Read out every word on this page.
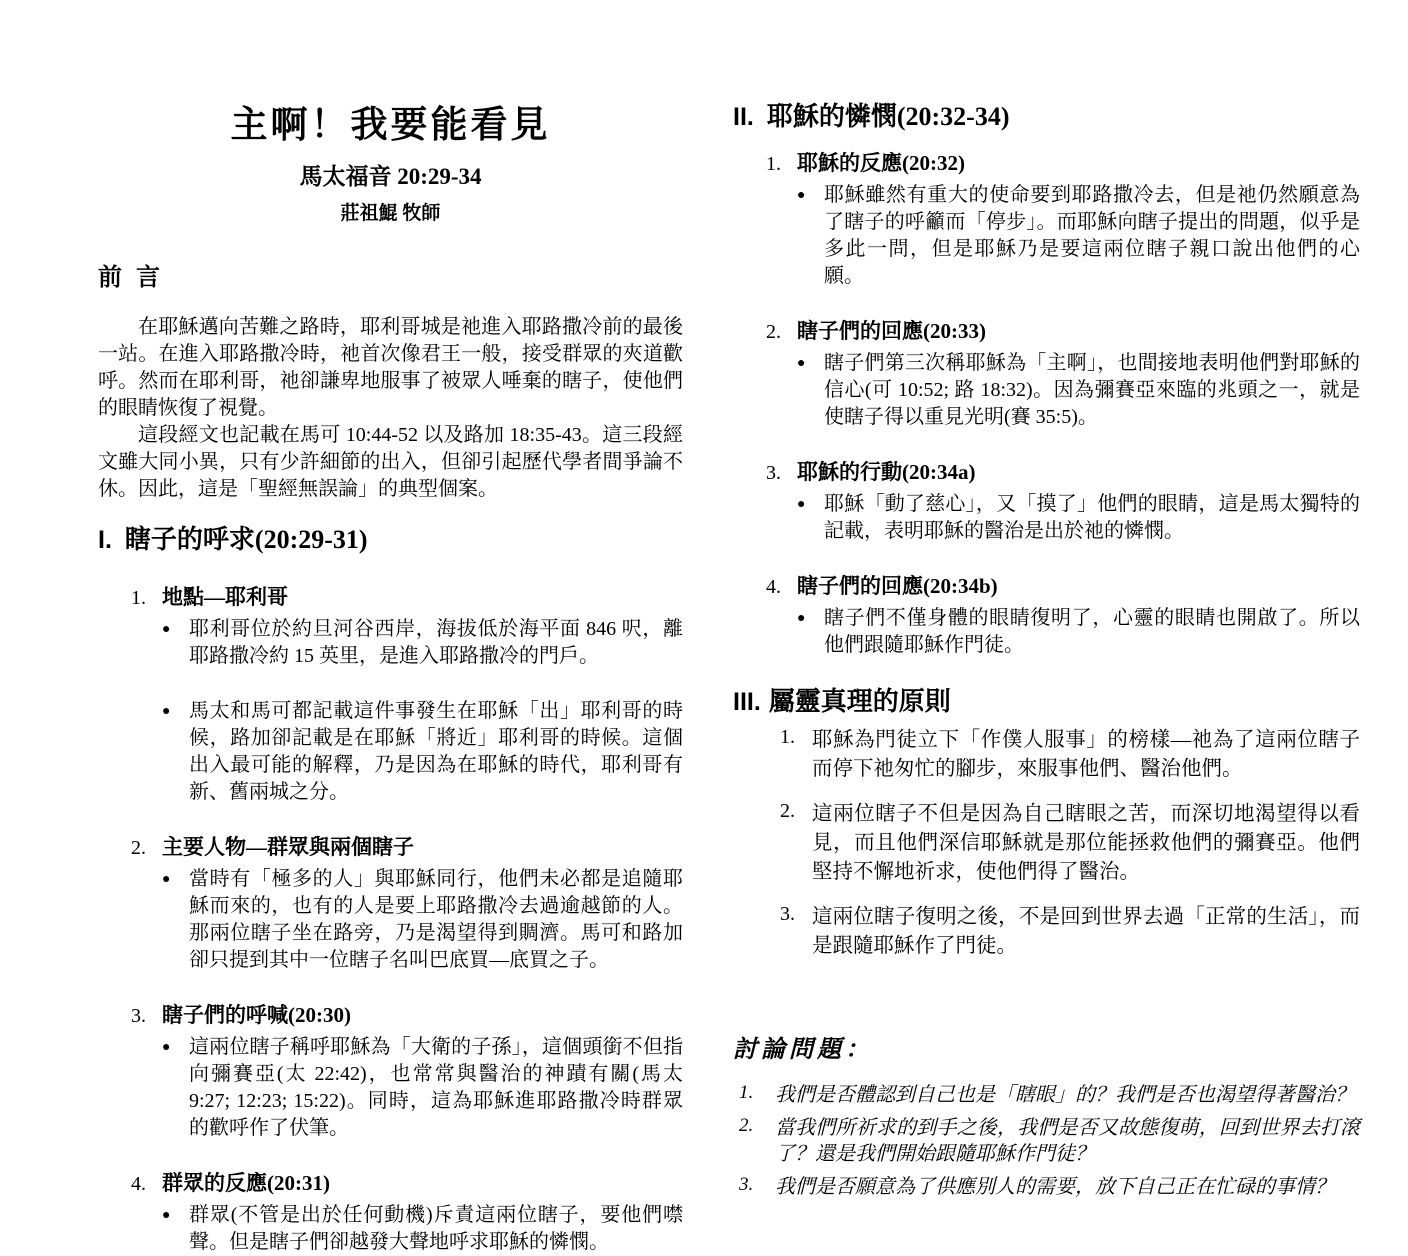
主啊！我要能看見
馬太福音 20:29-34
莊祖鯤 牧師
前 言

在耶穌邁向苦難之路時，耶利哥城是祂進入耶路撒冷前的最後一站。在進入耶路撒冷時，祂首次像君王一般，接受群眾的夾道歡呼。然而在耶利哥，祂卻謙卑地服事了被眾人唾棄的瞎子，使他們的眼睛恢復了視覺。

這段經文也記載在馬可 10:44-52 以及路加 18:35-43。這三段經文雖大同小異，只有少許細節的出入，但卻引起歷代學者間爭論不休。因此，這是「聖經無誤論」的典型個案。

I. 瞎子的呼求(20:29-31)
1. 地點—耶利哥
● 耶利哥位於約旦河谷西岸，海拔低於海平面 846 呎，離耶路撒冷約 15 英里，是進入耶路撒冷的門戶。

● 馬太和馬可都記載這件事發生在耶穌「出」耶利哥的時候，路加卻記載是在耶穌「將近」耶利哥的時候。這個出入最可能的解釋，乃是因為在耶穌的時代，耶利哥有新、舊兩城之分。

2. 主要人物—群眾與兩個瞎子
● 當時有「極多的人」與耶穌同行，他們未必都是追隨耶穌而來的，也有的人是要上耶路撒冷去過逾越節的人。那兩位瞎子坐在路旁，乃是渴望得到賙濟。馬可和路加卻只提到其中一位瞎子名叫巴底買—底買之子。

3. 瞎子們的呼喊(20:30)
● 這兩位瞎子稱呼耶穌為「大衛的子孫」，這個頭銜不但指向彌賽亞(太 22:42)，也常常與醫治的神蹟有關(馬太 9:27; 12:23; 15:22)。同時，這為耶穌進耶路撒冷時群眾的歡呼作了伏筆。

4. 群眾的反應(20:31)
● 群眾(不管是出於任何動機)斥責這兩位瞎子，要他們噤聲。但是瞎子們卻越發大聲地呼求耶穌的憐憫。

II. 耶穌的憐憫(20:32-34)
1. 耶穌的反應(20:32)
● 耶穌雖然有重大的使命要到耶路撒冷去，但是祂仍然願意為了瞎子的呼籲而「停步」。而耶穌向瞎子提出的問題，似乎是多此一問，但是耶穌乃是要這兩位瞎子親口說出他們的心願。

2. 瞎子們的回應(20:33)
● 瞎子們第三次稱耶穌為「主啊」，也間接地表明他們對耶穌的信心(可 10:52; 路 18:32)。因為彌賽亞來臨的兆頭之一，就是使瞎子得以重見光明(賽 35:5)。

3. 耶穌的行動(20:34a)
● 耶穌「動了慈心」，又「摸了」他們的眼睛，這是馬太獨特的記載，表明耶穌的醫治是出於祂的憐憫。

4. 瞎子們的回應(20:34b)
● 瞎子們不僅身體的眼睛復明了，心靈的眼睛也開啟了。所以他們跟隨耶穌作門徒。

III. 屬靈真理的原則
1. 耶穌為門徒立下「作僕人服事」的榜樣—祂為了這兩位瞎子而停下祂匆忙的腳步，來服事他們、醫治他們。

2. 這兩位瞎子不但是因為自己瞎眼之苦，而深切地渴望得以看見，而且他們深信耶穌就是那位能拯救他們的彌賽亞。他們堅持不懈地祈求，使他們得了醫治。

3. 這兩位瞎子復明之後，不是回到世界去過「正常的生活」，而是跟隨耶穌作了門徒。

討論問題：
1.	我們是否體認到自己也是「瞎眼」的？我們是否也渴望得著醫治？

2.	當我們所祈求的到手之後，我們是否又故態復萌，回到世界去打滾了？還是我們開始跟隨耶穌作門徒？

3.	我們是否願意為了供應別人的需要，放下自己正在忙碌的事情？
